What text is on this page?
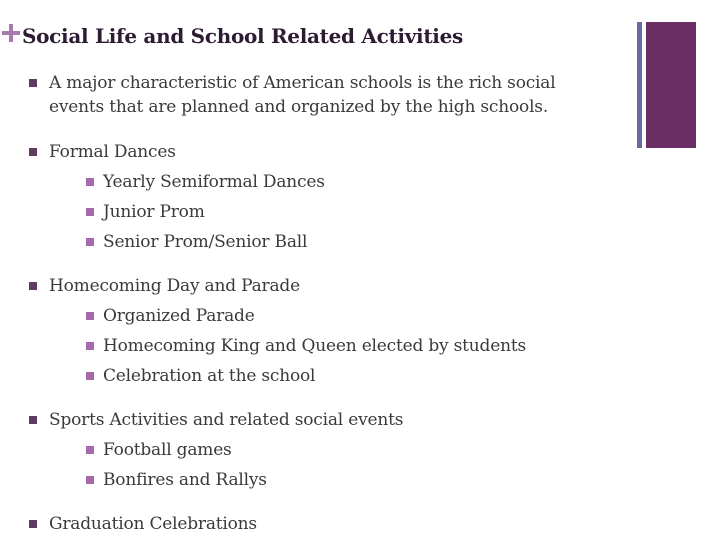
Social Life and School Related Activities
A major characteristic of American schools is the rich social
events that are planned and organized by the high schools.
Formal Dances
Yearly Semiformal Dances
Junior Prom
Senior Prom/Senior Ball
Homecoming Day and Parade
Organized Parade
Homecoming King and Queen elected by students
Celebration at the school
Sports Activities and related social events
Football games
Bonfires and Rallys
Graduation Celebrations
